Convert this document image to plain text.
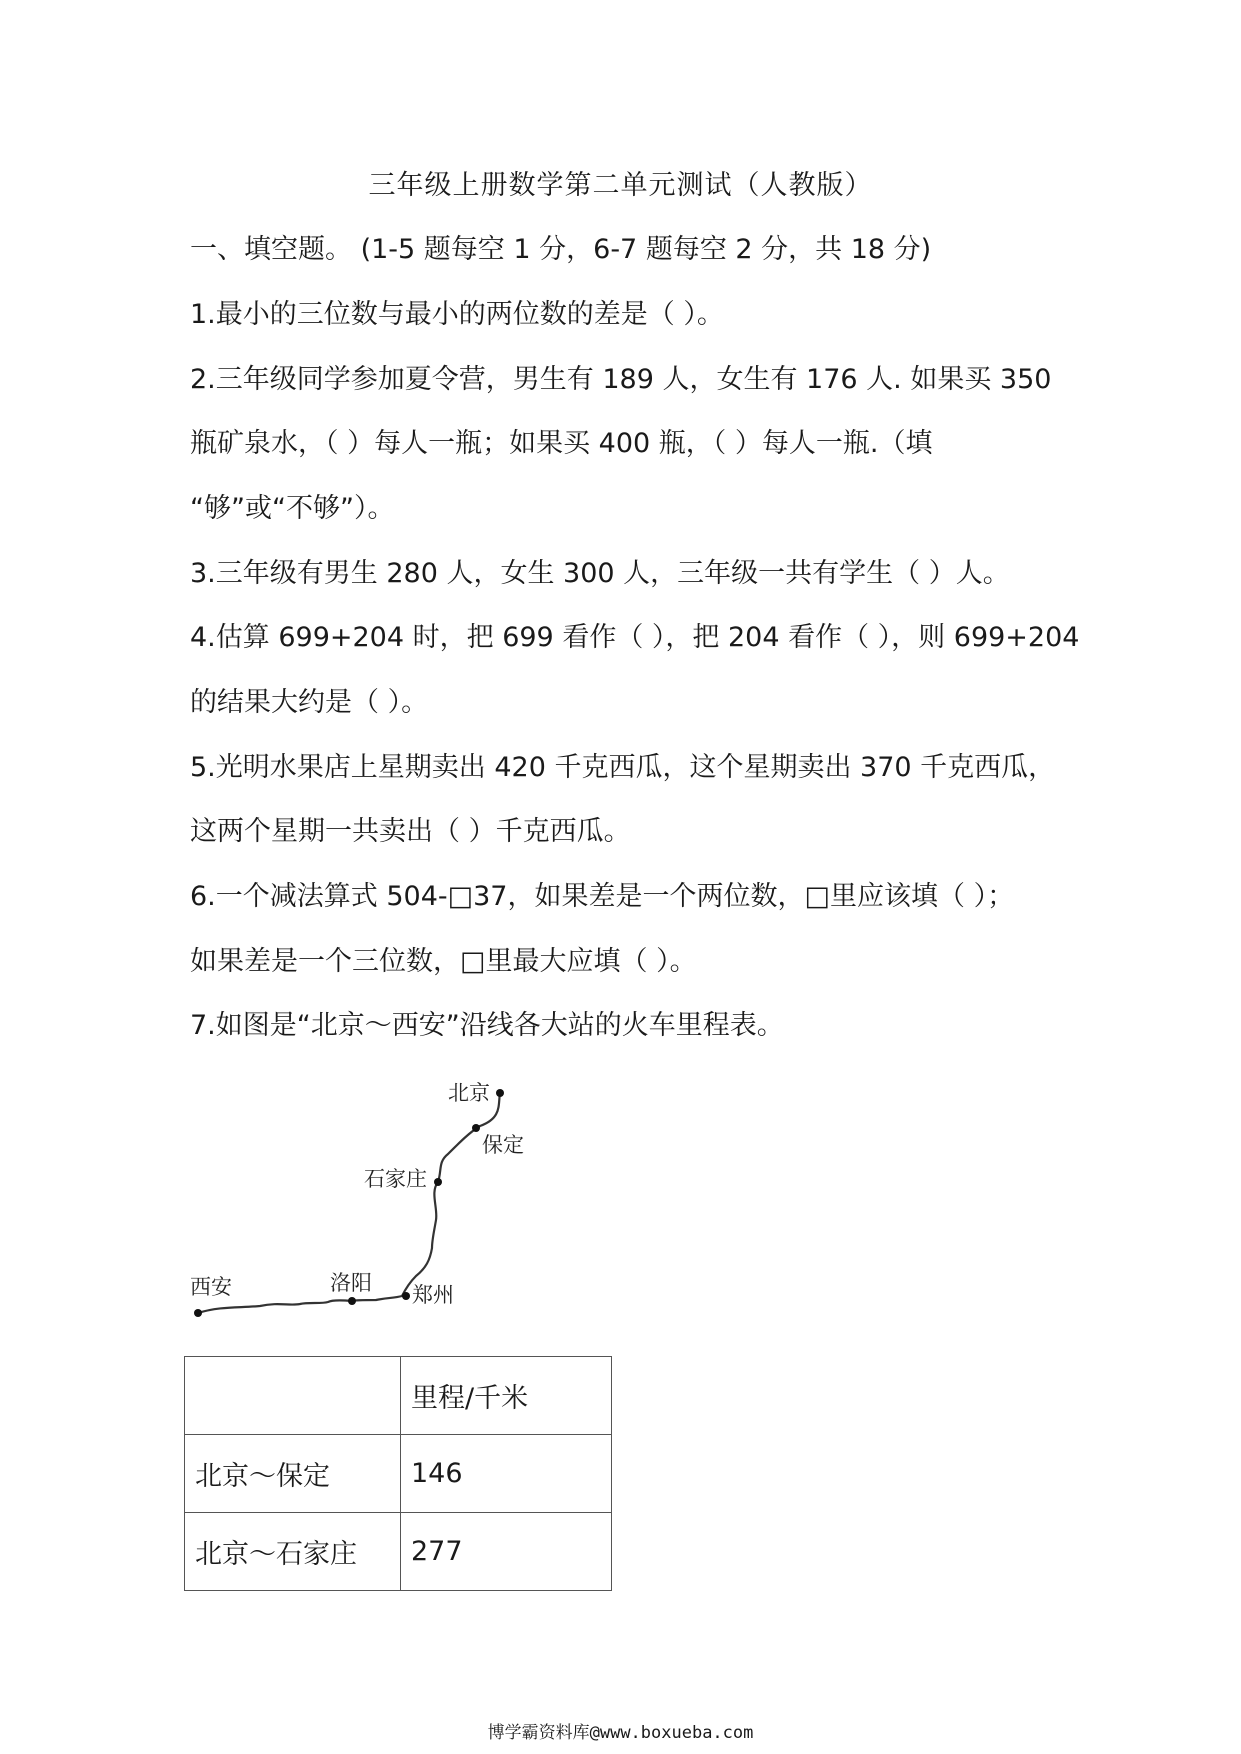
三年级上册数学第二单元测试（人教版）
一、填空题。 (1-5 题每空 1 分，6-7 题每空 2 分，共 18 分)
1.最小的三位数与最小的两位数的差是（ ）。
2.三年级同学参加夏令营，男生有 189 人，女生有 176 人. 如果买 350
瓶矿泉水，（ ）每人一瓶；如果买 400 瓶，（ ）每人一瓶.（填
“够”或“不够”）。
3.三年级有男生 280 人，女生 300 人，三年级一共有学生（ ）人。
4.估算 699+204 时，把 699 看作（ ），把 204 看作（ ），则 699+204
的结果大约是（ ）。
5.光明水果店上星期卖出 420 千克西瓜，这个星期卖出 370 千克西瓜，
这两个星期一共卖出（ ）千克西瓜。
6.一个减法算式 504-□37，如果差是一个两位数，□里应该填（ ）；
如果差是一个三位数，□里最大应填（ ）。
7.如图是“北京～西安”沿线各大站的火车里程表。
北京
保定
石家庄
郑州
洛阳
西安
	里程/千米
北京～保定	146
北京～石家庄	277
博学霸资料库@www.boxueba.com
